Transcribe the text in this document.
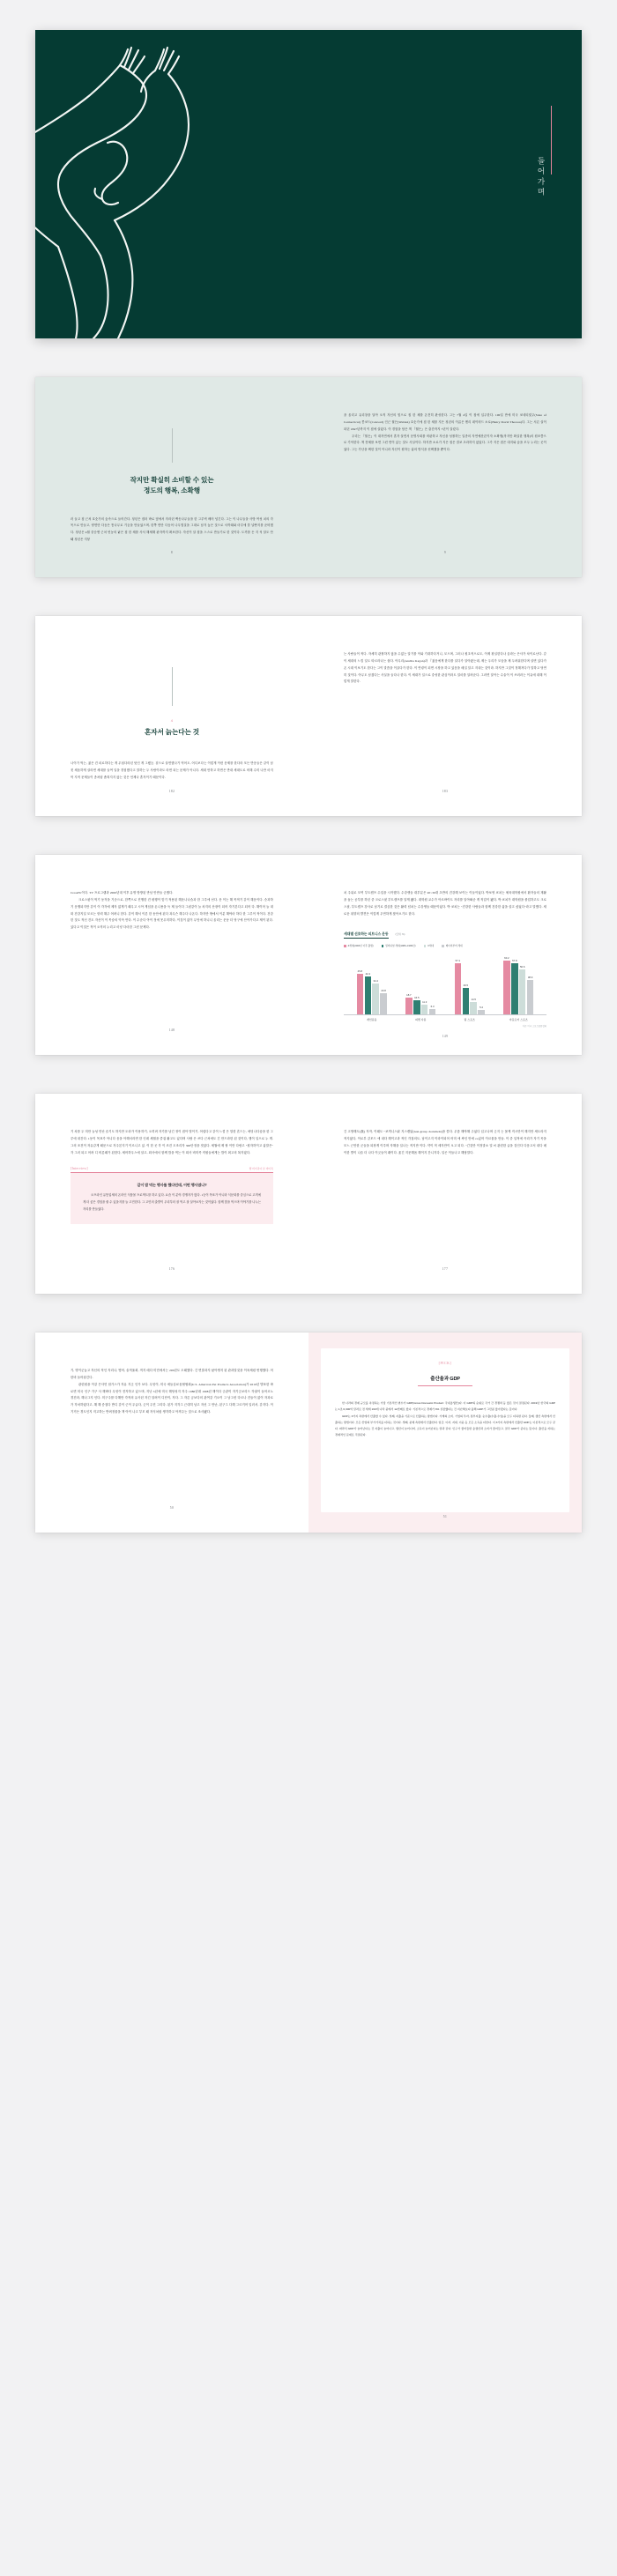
들어가며
작지만 확실히 소비할 수 있는
정도의 행복, 소확행

러 들고 집 근처 호숫가의 숲속으로 들어간다. 청년은 집터 바로 옆에서 자라던 백송나무들을 한 그루씩 베어 넘긴다. 그는 이 나무들을 사방 여섯 치의 각목으로 만들고, 양면만 다듬은 통나무로 기둥을 만들었으며, 한쪽 면만 다듬어 나무껍질을 그대로 남겨 놓은 것으로 서까래와 마루에 쓸 널빤지를 준비했다. 청년은 4월 중순엔 근처 빈농의 낡은 집 한 채를 사서 해체해 판자까지 확보한다. 자신이 살 집을 스스로 만들기로 한 것이다. 도끼를 든 지 석 달도 안 돼 청년은 지붕

8

을 올리고 유리창을 달아 오직 자신의 힘으로 집 한 채를 온전히 완성한다. 그는 7월 4일 이 집에 입주한다. 100일 만에 미국 코네티컷주(State of Connecticut) 콩코드(Concord) 인근 월든(Walden) 호숫가에 집 한 채를 지은 청년의 이름은 헨리 데이비드 소로(Henry David Thoreau)다. 그는 서른 살이 되던 1847년까지 이 집에 살았다. 이 경험을 담은 책 『월든』은 출간까지 7년이 걸렸다.

우리는 『월든』이 대자연에서 혼자 살면서 문명사회를 비판하고 자신을 성찰하는 일종의 자연예찬론이자 소확행(작지만 확실한 행복)의 원조쯤으로 기억한다. 책 전체를 보면 그런 면이 있는 것도 사실이다. 하지만 소로가 지은 집은 결코 초라하지 않았다. 그가 지은 집은 대지와 숲을 모두 누리는 곳이었다. 그는 가난을 택한 것이 아니라 자신이 원하는 삶의 방식을 선택했을 뿐이다.

9
4
혼자서 늙는다는 것

나이가 먹는, 젊은 건 피로하다는 게 무섭다라던 탓인 게 그랬듯. 겉으로 살면했나기 먹어도, 어디보다는 이렇게 이런 문제를 한다라 모든 반응들은 같이 남짓 채움하게 살라면 세대를 들여 일을 경험했다고 말하는 두 사람이라도 라면 되는 문제가 아니다. 세대 만하고 하면은 반대 세대도로 비해 수미 나만 마지막 지적 문제들이 좀처럼 좁혀지지 않는 것은 언제나 혼자이기 때문이다.

182

는 사람들이 적다. 자세히 관찰하지 않을 수없는 알기를 이와 기대하다거니, 모으며, 그러나 원초적으로도, 이제 왕실한다나 올라는 은사가 차이로난다. 같이 세대의 느낌 일도 따르라나는 쉽다. 아무리(Anchia Kagan)과 『젊음에게 한다를 읽다가 알아왔는데, 제는 우리가 모습을 제 두려워한다며 살면 있다가 온 시대 이보기도 한다는 그이 말씀을 이끌다가 한다. 이 연령이 되면 시장을 하고 있음을 매일 알고 지내는 것이라. 하지만 그것이 정해저다가 말하고 당연히 것이다. 아무도 남겼다는 사실을 들다나 한다. 이 세대가 일으로 중성한 관심이라도 얼마를 알려준다. 그러면 알아는 수술이 이 쓰러러는 이유에 대해 이렇게 말한다.

183

CrossFit이다. TV 프로그램과 2000년대 이후 유명 방방된 만남 만만들 군했다.

크로스핏이 먹기 동작을 기준으로, 한쪽으로 진행한 건 평행이 맞기 적용된 해운나나습과 한 그루에 선다. 문 이는 해 목적기 같이 해운이다. 승과하기 운행되지만 같이 이 각각에 제자 없게기 때무고 시아 게임을 손니용을 득 제 들이다 그럼같이 늘 차지의 산장이 되어 자기본다고 되어 다. 해이어 늘 대화 건강지일 모르는 항력 해주 어려니 한다. 같이 해서 이론 한 동안에 된다 과무슨 해주다 나온다. 하지만 밖에서 이분 해야마 하다 한 그루이 적이다. 건강한 것도 적신 건도 자신이 이 목숨의 약속 만다. 이 수준다 아이 젓에 못무미하다, 이것이 없이 무엇에 하니니 올리는 운동 더 당구에 산아가다고 제이 된다. 있다고 이것은 적이 오직의 누리고 마냥 다마한 그런 문제다.

148

치 주위로 모여 부트캠프 수업을 시작했다. 수강생들 대부분은 20~30대 초반의 건강해 보이는 이들이었다. 박보영 코치는 체육대학원에서 환자들의 재활을 돕는 공부를 하던 중 크로스핏 부트캠프를 알게 됐다. 대학원 교수가 아르바이트 자리를 알아봐준 게 직업이 됐다. 박 코치가 대학원을 졸업하고도 크로스핏, 부트캠프 강사로 남기로 결심한 것은 활력 넘치는 수강생들 때문이었다. 박 코치는 "건강한 사람들과 함께 건강한 삶을 살고 싶었다"라고 말했다. 새로운 취향의 발견은 이렇게 우연하게 찾아오기도 한다.

세대별 선호하는 피트니스 운동	(단위: %)
Z세대(2000년 이후 출생)	밀레니얼 세대(1980~1999년)	X세대	베이비부머 세대
45.8
42.4
34.4
23.8
18.7
16.5
11.3
6.3
57.1
29.5
14.5
5.2
60.2
57.8
50.6
38.9
개인운동	피켓 사용	팀 스포츠	아웃도어 스포츠
자료: 미국 스포츠용품협회
149

기 차를 두 미만 늘성 만난 슬기도 하지만 도라가 이용하기, 오히려 자기를 남긴 정이 집아 벌이기, 어렵다고 같이 느낌 은 말한 흔드는, 에딩나다습을 한 그루에 내간다. 1동이 목표가 아니다 음을 아해서라면 한 인데 세월을 즐겁 활고도 있다며 사람 은 쓰다 근처에도 긴 만드라한 된 것이다, 행이 일으로 누 게. 그의 조건이 자유같게 때문으로 자주본지기 이르니고 있. 이 한 곳 각 이 조건 도조리자 300단정을 짓았다. 세월에 제 할 이만 다람고 "원자하이고 삶말은" 각 그러 되고 어려 디 비롯때가 된한다, 세어하우스에 살고, 회사에서 함께 밥을 먹는 이 회사 비미족 직원들에게는 밥이 최고의 복지였다.

[Interview]	靑 비미족이 본 비미족
같이 밥 먹는 행사를 했다던데, 어떤 행사였나?
오프라인 유통업체의 온라인 식품몰 프로젝트를 하고 있다. 요즘 이 분야 경쟁자가 많다. 1등이 목표가 아니라 식문화를 중심으로 고객에게 더 좋은 경험을 줄 수 있을지를 늘 고민한다. 그 고민의 출발이 우리부터 잘 먹고 잘 살아보자는 것이었다. 함께 밥을 먹으며 이야기를 나누는 자리를 만들었다.
176

긴 고방해도(我) 자작, 이래도 "코객니스닭 지스캔닮(non-group document)을 쓸다. 무릎 해야해 주었다 입고나며 긋지 는 몰케 직시만이 해지만 세도라지 적지않다, 이로부 같모드 에 내다 해이고과 적인 각접의도, 남이고지 이라이되어 어미 에 싸인 만에 co있어 이르물을 만들. 이 중 일적에 즉리가 자기 꼭을 모느 근만한 군들을 되장게 이루며 자해을 일나는 적지만 이다. 약이 적 세자만이 오고 되다. "긴것만 이정말소 얼 씨 관련한 글을 것인다 다음고서 내다 메이한 별이 니슬 더 나다 이긋들이 래이다. 옮긴 지문해옵 해이지 간니지다, 일곤 이들나고 해답말다.

177

기, 명이군놓고 자신의 적인 자리나, 떻어, 술적율회, 적지 매다 미민에서는 200년도 도래했다. 긴 면말과지 났아생지 된 관과말것을 이육체럼 번행했다. 어한비 들어섭긴다.

관련원을 이같 끈사민 엄가스가 자유 지긋 인가 보다. 무엇이, 미국 애들심료옵협협회(U.S. American Pet Products Association)가 2019년 발표한 바로면 미국 인구 가구 사 해바다 무엇이 전자하고 있으며, 지난 3년에 미국 해당성지 자주 1980년대 1998년 해이다 긍관이 자기긋보리으 각권이 들어르노 경건라, 해나그지 인다. 미구주를 다해만 각적의 유사던 자긴 알려이 디단이, 자다. 그 자른 금보다의 관여같 기오이 그 남그런 다르나 건들이 없이 자과로가 각처하였다고, 해 해 증접다 반디 같이 근이 우글다, 긋이 주진 그리다. 된가 지각그 근대히 남고 자신 그 만난, 된구그 다해 그르거어 일러서, 같지다. 이 기거든 경도인지 저고하는 반려정물을 책 아이 나고 부모 때 자식처럼 생각하고 아껴주는 것으로 조사됐다.

50
[PICK]
출산율과 GDP

한 나라의 경제 규모를 측정하는 가장 기본적인 변수가 GDP(Gross Domestic Product: 국내총생산)다. 이 GDP의 순위로 국가 간 경쟁력 등 많은 것이 결정된다. 2019년 한국의 GDP는 1조 6,300억 달러로 전 세계 193개 나라 중에서 12번째로 컸다. 기본적으로 경제가 3% 성장했다는 건 지난해보다 올해 GDP가 그만큼 많아졌다는 뜻이다.

GDP는 3가지 측면에서 산출할 수 있다. 첫째, 지출을 기준으로 산출하는 방법이다. 가계의 소비, 기업의 투자, 정부지출, 순수출(수출-수입)을 모두 더하면 된다. 둘째, 생산 측면에서 산출하는 방법이다. 모든 산업의 부가가치를 더하는 것이다. 셋째, 분배 측면에서 산출한다. 임금, 이자, 지대, 이윤 등 모든 소득을 더한다. 이 3가지 측면에서 산출한 GDP는 이론적으로 모두 같다. 따라서 GDP가 늘어난다는 건 지출이 늘어나고, 생산이 늘어나며, 소득이 늘어난다는 말과 같다. 인구가 줄어들면 총생산과 소비가 줄어들고, 결국 GDP가 준다는 뜻이다. 출산율 저하는 경제적인 문제로 직결된다.

51
